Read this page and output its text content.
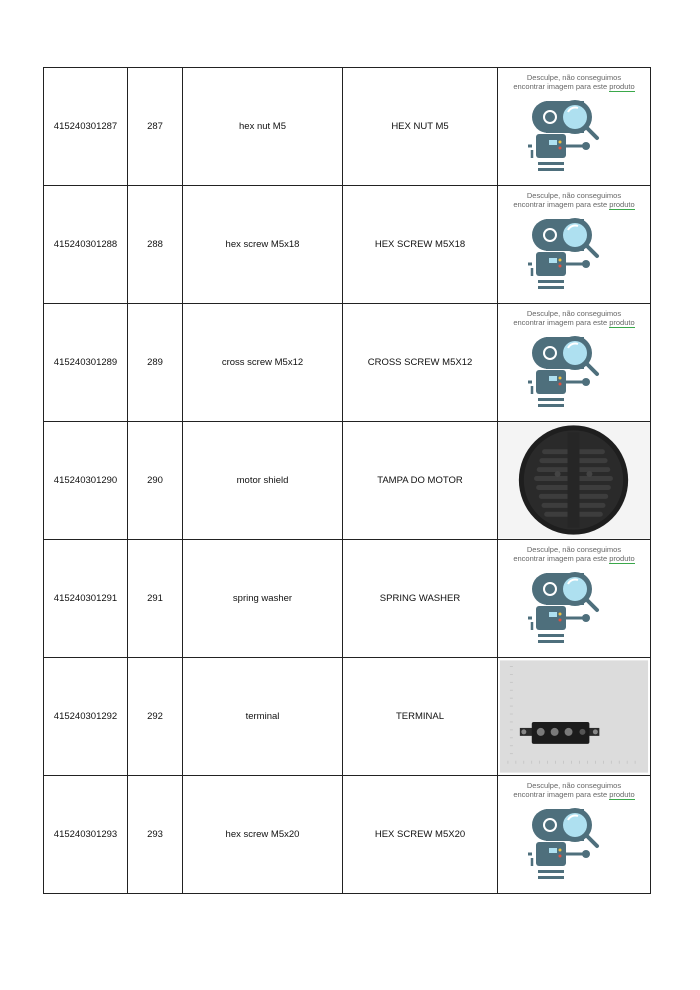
415240301287	287	hex nut M5	HEX NUT M5	Desculpe, não conseguimos
encontrar imagem para este produto

415240301288	288	hex screw M5x18	HEX SCREW M5X18	Desculpe, não conseguimos
encontrar imagem para este produto

415240301289	289	cross screw M5x12	CROSS SCREW M5X12	Desculpe, não conseguimos
encontrar imagem para este produto

415240301290	290	motor shield	TAMPA DO MOTOR	

415240301291	291	spring washer	SPRING WASHER	Desculpe, não conseguimos
encontrar imagem para este produto

415240301292	292	terminal	TERMINAL	

415240301293	293	hex screw M5x20	HEX SCREW M5X20	Desculpe, não conseguimos
encontrar imagem para este produto
